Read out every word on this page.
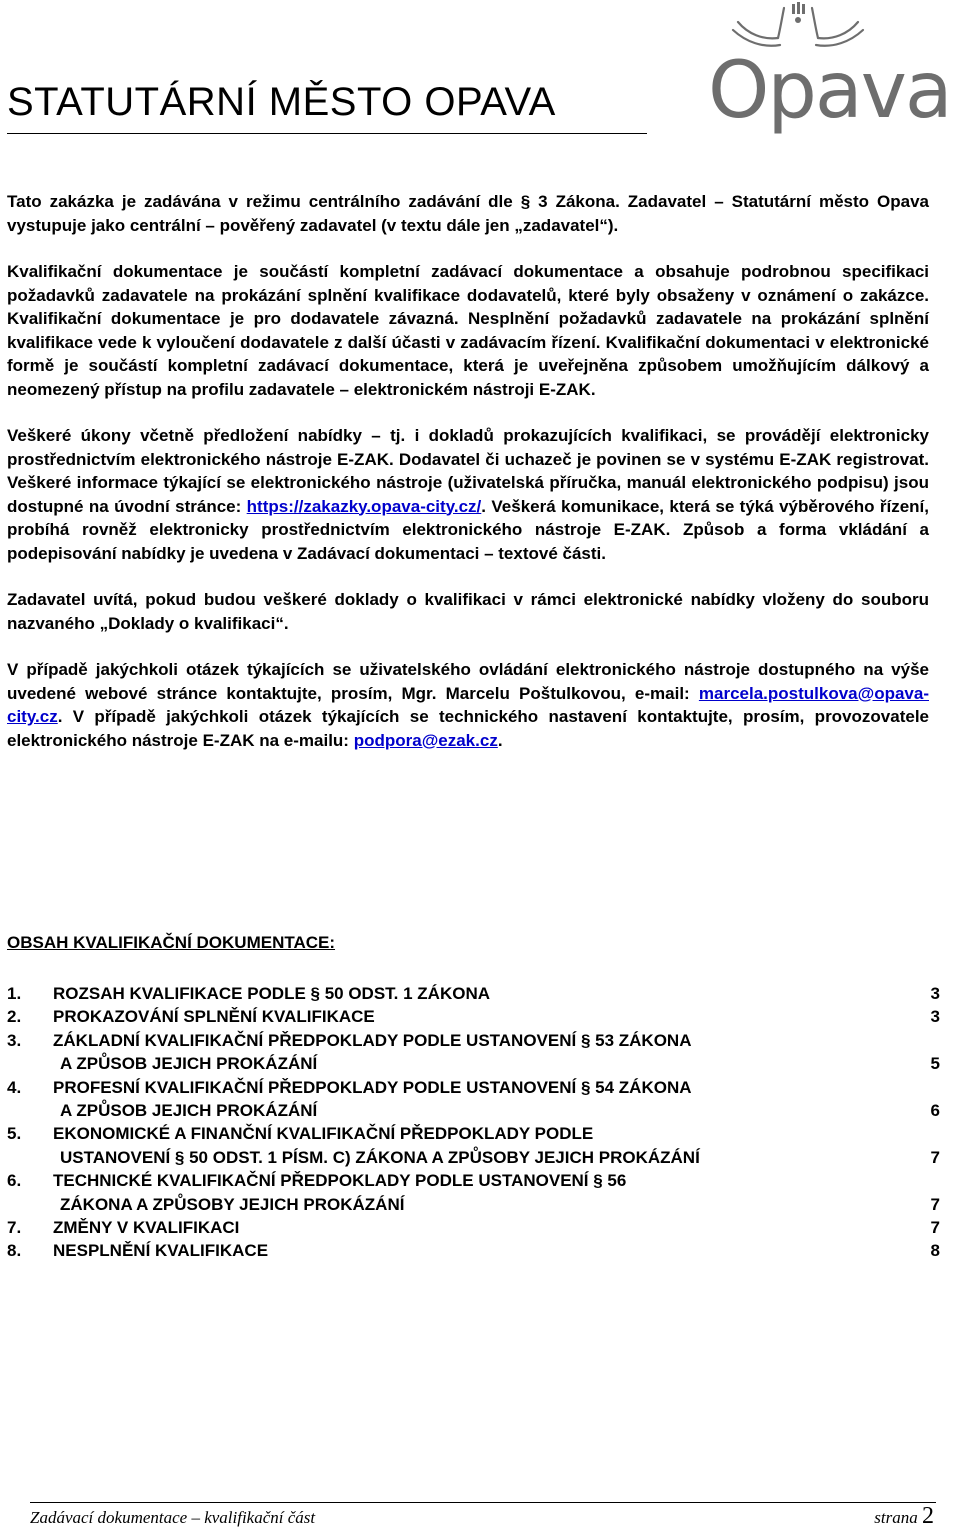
STATUTÁRNÍ MĚSTO OPAVA Opava

Tato zakázka je zadávána v režimu centrálního zadávání dle § 3 Zákona. Zadavatel – Statutární město Opava vystupuje jako centrální – pověřený zadavatel (v textu dále jen „zadavatel“).

Kvalifikační dokumentace je součástí kompletní zadávací dokumentace a obsahuje podrobnou specifikaci požadavků zadavatele na prokázání splnění kvalifikace dodavatelů, které byly obsaženy v oznámení o zakázce. Kvalifikační dokumentace je pro dodavatele závazná. Nesplnění požadavků zadavatele na prokázání splnění kvalifikace vede k vyloučení dodavatele z další účasti v zadávacím řízení. Kvalifikační dokumentaci v elektronické formě je součástí kompletní zadávací dokumentace, která je uveřejněna způsobem umožňujícím dálkový a neomezený přístup na profilu zadavatele – elektronickém nástroji E-ZAK.

Veškeré úkony včetně předložení nabídky – tj. i dokladů prokazujících kvalifikaci, se provádějí elektronicky prostřednictvím elektronického nástroje E-ZAK. Dodavatel či uchazeč je povinen se v systému E-ZAK registrovat. Veškeré informace týkající se elektronického nástroje (uživatelská příručka, manuál elektronického podpisu) jsou dostupné na úvodní stránce: https://zakazky.opava-city.cz/. Veškerá komunikace, která se týká výběrového řízení, probíhá rovněž elektronicky prostřednictvím elektronického nástroje E-ZAK. Způsob a forma vkládání a podepisování nabídky je uvedena v Zadávací dokumentaci – textové části.

Zadavatel uvítá, pokud budou veškeré doklady o kvalifikaci v rámci elektronické nabídky vloženy do souboru nazvaného „Doklady o kvalifikaci“.

V případě jakýchkoli otázek týkajících se uživatelského ovládání elektronického nástroje dostupného na výše uvedené webové stránce kontaktujte, prosím, Mgr. Marcelu Poštulkovou, e-mail: marcela.postulkova@opava-city.cz. V případě jakýchkoli otázek týkajících se technického nastavení kontaktujte, prosím, provozovatele elektronického nástroje E-ZAK na e-mailu: podpora@ezak.cz.

OBSAH KVALIFIKAČNÍ DOKUMENTACE:
1. ROZSAH KVALIFIKACE PODLE § 50 ODST. 1 ZÁKONA	3
2. PROKAZOVÁNÍ SPLNĚNÍ KVALIFIKACE	3
3. ZÁKLADNÍ KVALIFIKAČNÍ PŘEDPOKLADY PODLE USTANOVENÍ § 53 ZÁKONA
A ZPŮSOB JEJICH PROKÁZÁNÍ	5
4. PROFESNÍ KVALIFIKAČNÍ PŘEDPOKLADY PODLE USTANOVENÍ § 54 ZÁKONA
A ZPŮSOB JEJICH PROKÁZÁNÍ	6
5. EKONOMICKÉ A FINANČNÍ KVALIFIKAČNÍ PŘEDPOKLADY PODLE
USTANOVENÍ § 50 ODST. 1 PÍSM. C) ZÁKONA A ZPŮSOBY JEJICH PROKÁZÁNÍ	7
6. TECHNICKÉ KVALIFIKAČNÍ PŘEDPOKLADY PODLE USTANOVENÍ § 56
ZÁKONA A ZPŮSOBY JEJICH PROKÁZÁNÍ	7
7. ZMĚNY V KVALIFIKACI	7
8. NESPLNĚNÍ KVALIFIKACE	8
Zadávací dokumentace – kvalifikační část	strana 2
